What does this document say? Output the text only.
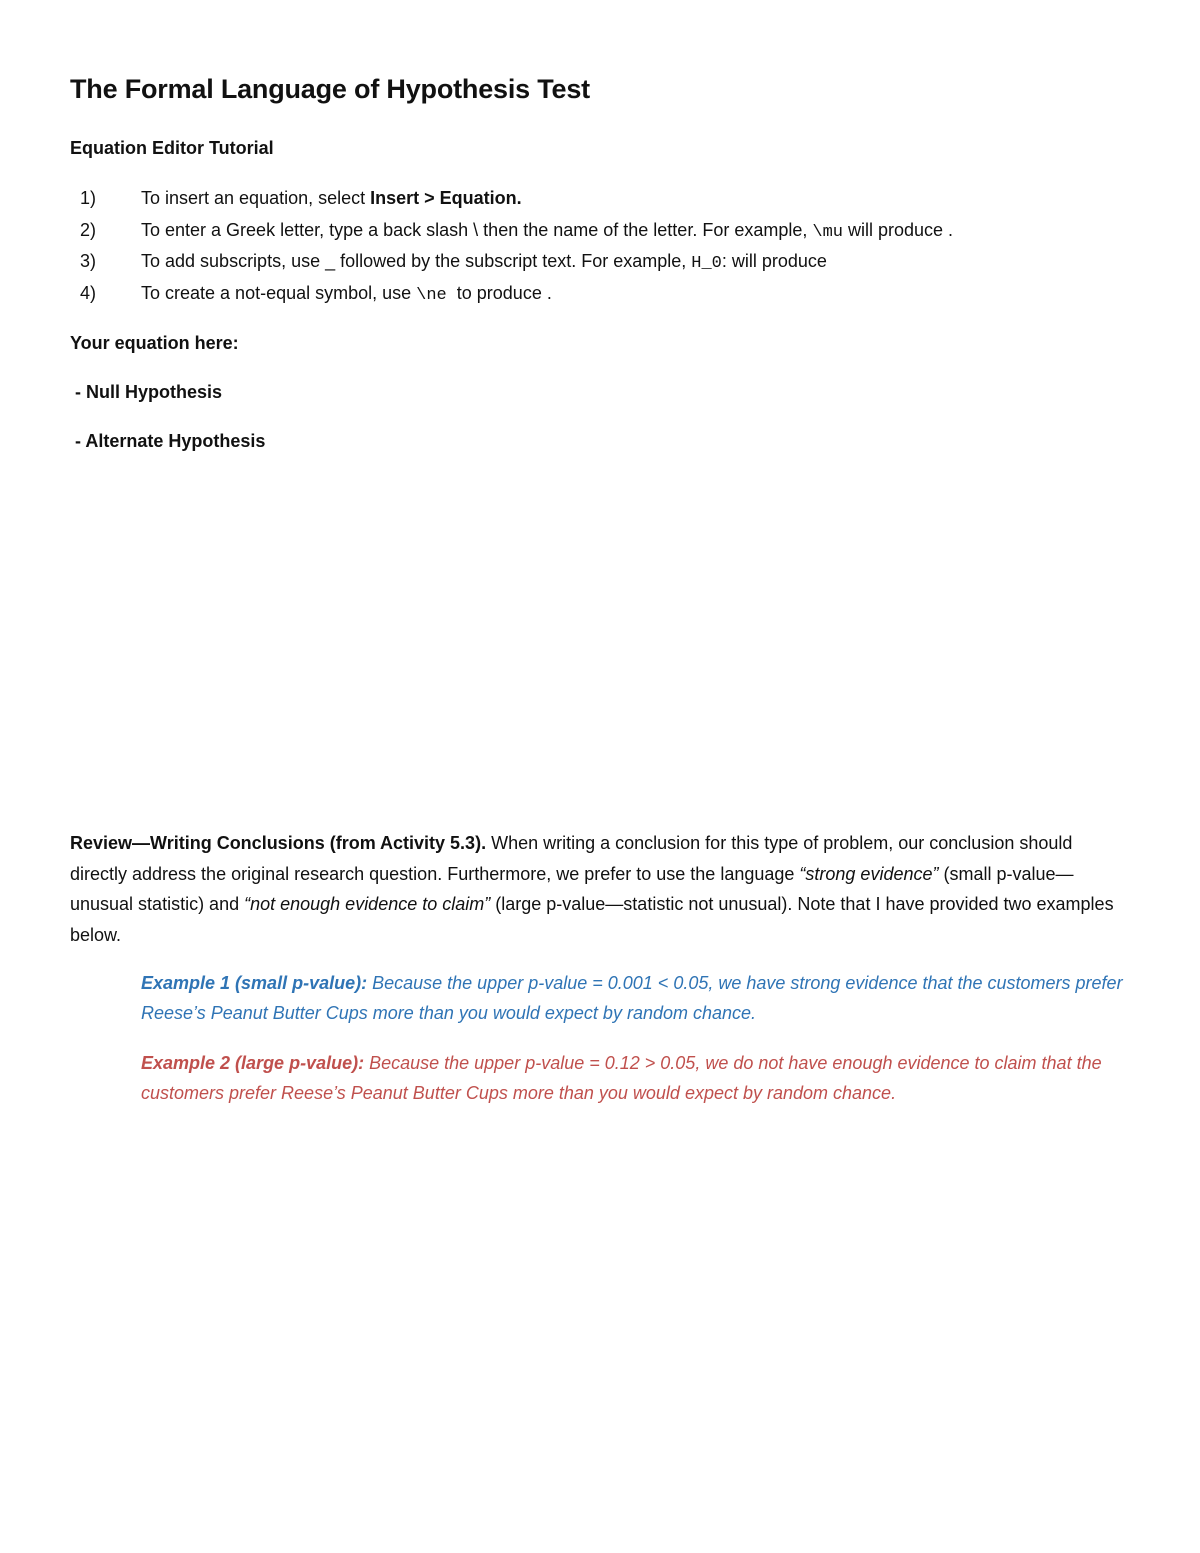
The Formal Language of Hypothesis Test
Equation Editor Tutorial
1)	To insert an equation, select Insert > Equation.
2)	To enter a Greek letter, type a back slash \ then the name of the letter. For example, \mu will produce .
3)	To add subscripts, use _ followed by the subscript text. For example, H_0: will produce
4)	To create a not-equal symbol, use \ne  to produce .

Your equation here:

- Null Hypothesis

- Alternate Hypothesis

Review—Writing Conclusions (from Activity 5.3). When writing a conclusion for this type of problem, our conclusion should directly address the original research question. Furthermore, we prefer to use the language “strong evidence” (small p-value—unusual statistic) and “not enough evidence to claim” (large p-value—statistic not unusual). Note that I have provided two examples below.

Example 1 (small p-value): Because the upper p-value = 0.001 < 0.05, we have strong evidence that the customers prefer Reese’s Peanut Butter Cups more than you would expect by random chance.

Example 2 (large p-value): Because the upper p-value = 0.12 > 0.05, we do not have enough evidence to claim that the customers prefer Reese’s Peanut Butter Cups more than you would expect by random chance.
